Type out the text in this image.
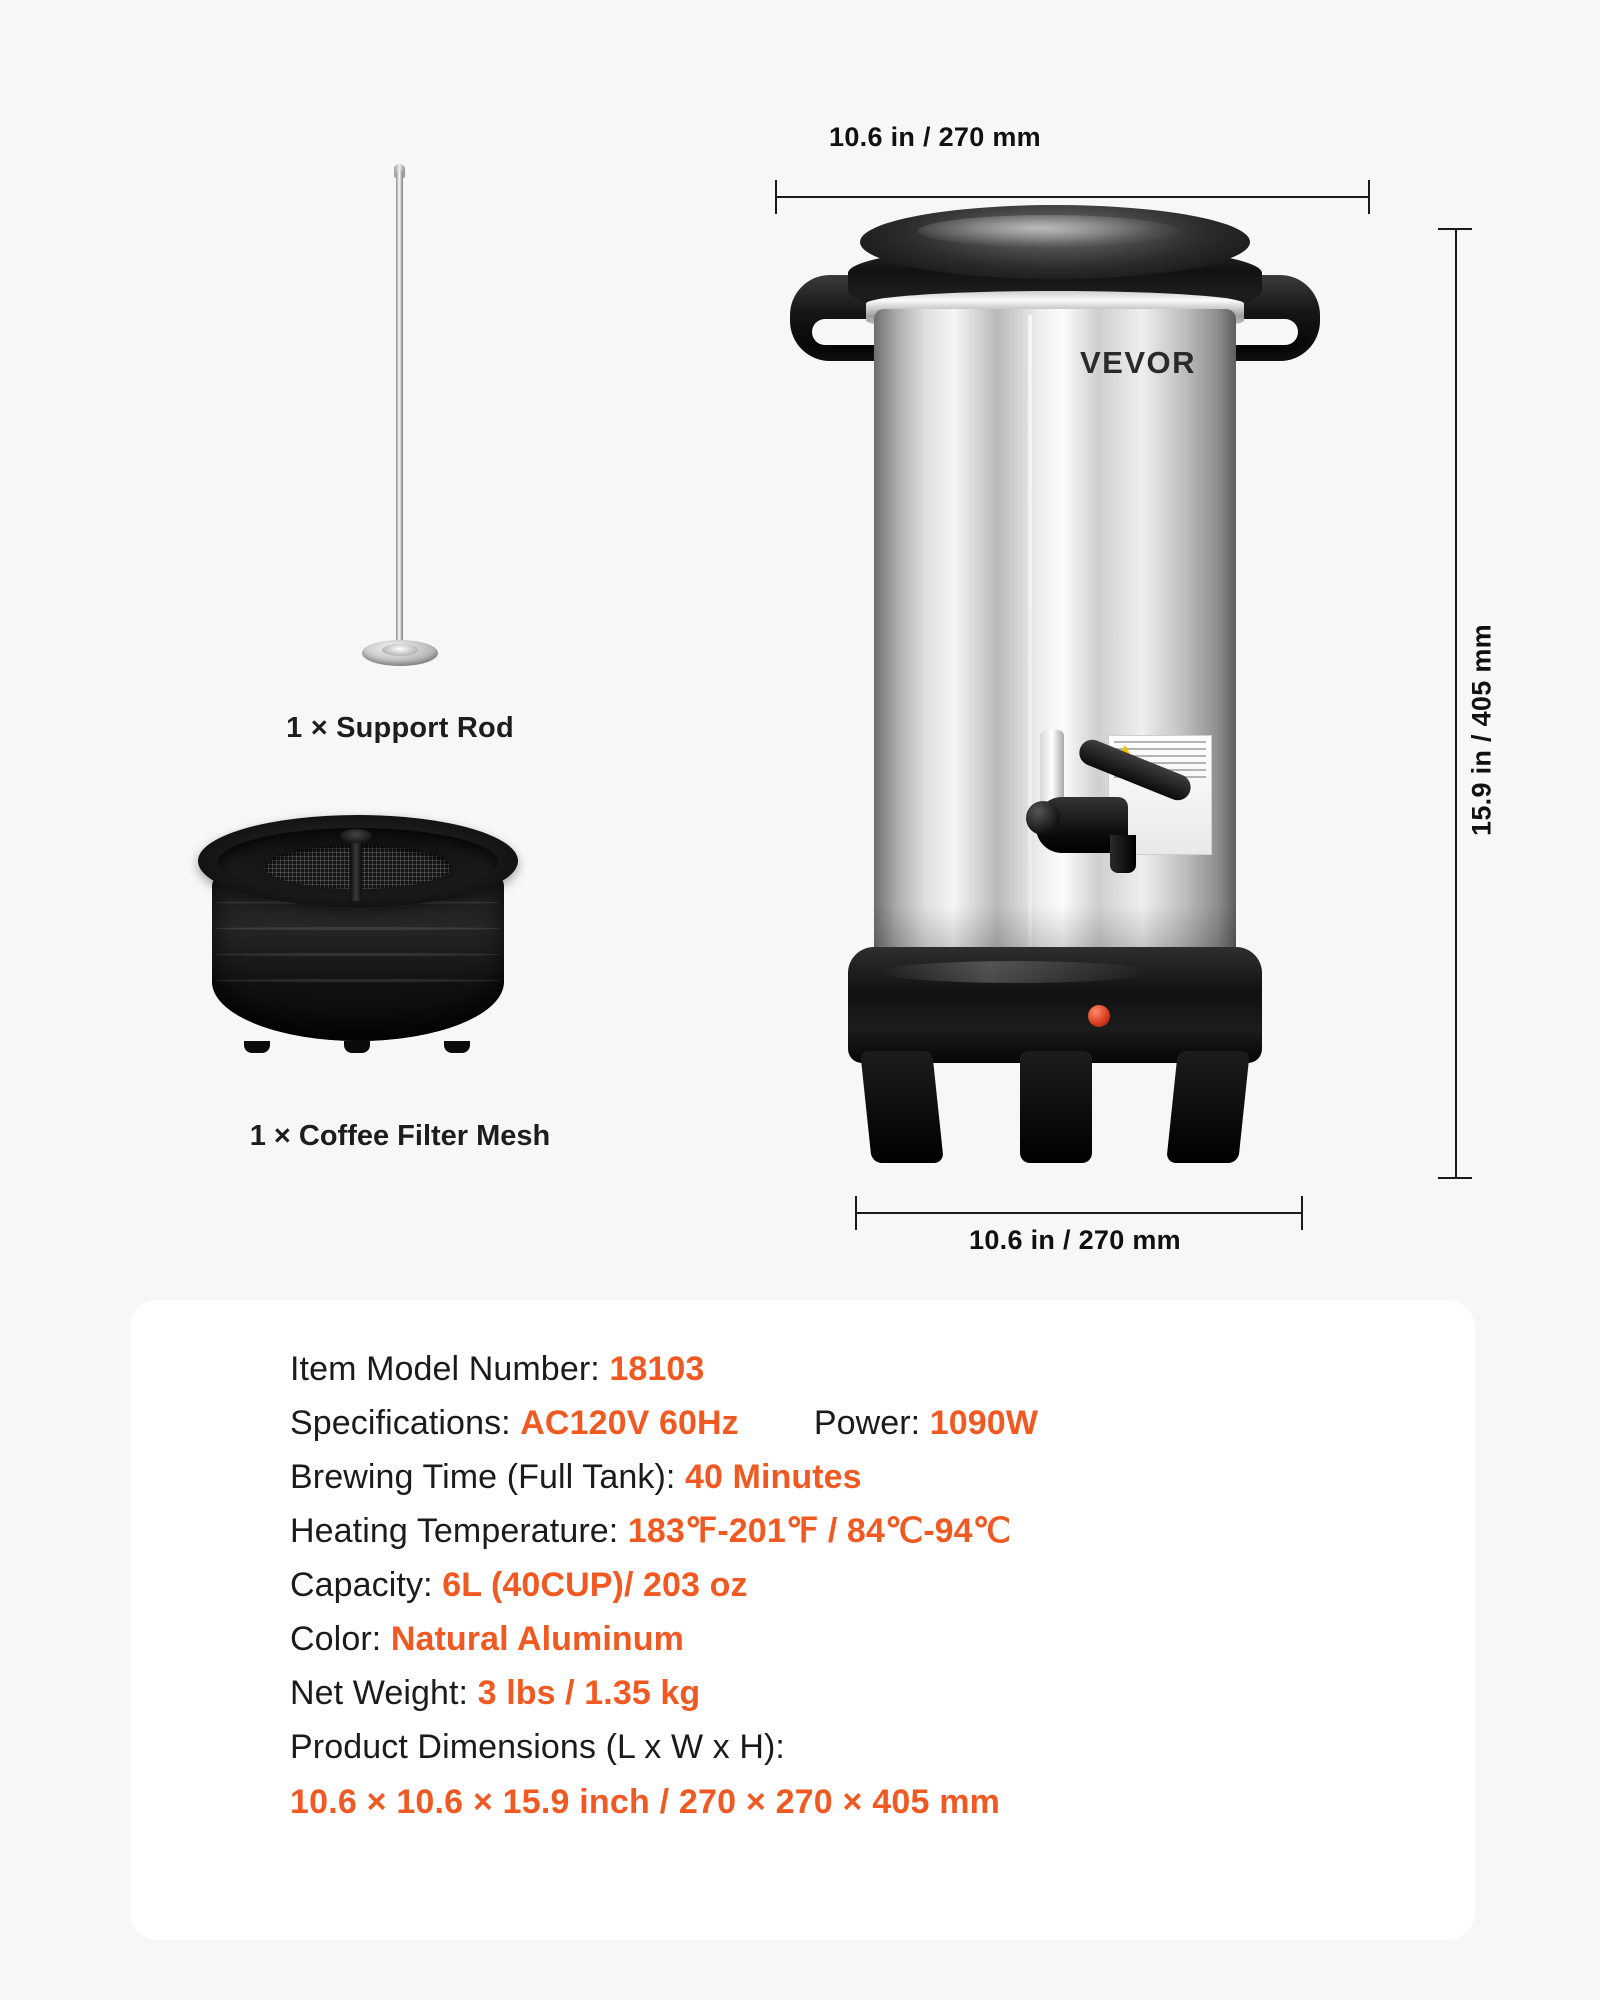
1 × Support Rod
1 × Coffee Filter Mesh
10.6 in / 270 mm
15.9 in / 405 mm
VEVOR
10.6 in / 270 mm
Item Model Number: 18103
Specifications: AC120V 60Hz Power: 1090W
Brewing Time (Full Tank): 40 Minutes
Heating Temperature: 183℉-201℉ / 84℃-94℃
Capacity: 6L (40CUP)/ 203 oz
Color: Natural Aluminum
Net Weight: 3 lbs / 1.35 kg
Product Dimensions (L x W x H):
10.6 × 10.6 × 15.9 inch / 270 × 270 × 405 mm
